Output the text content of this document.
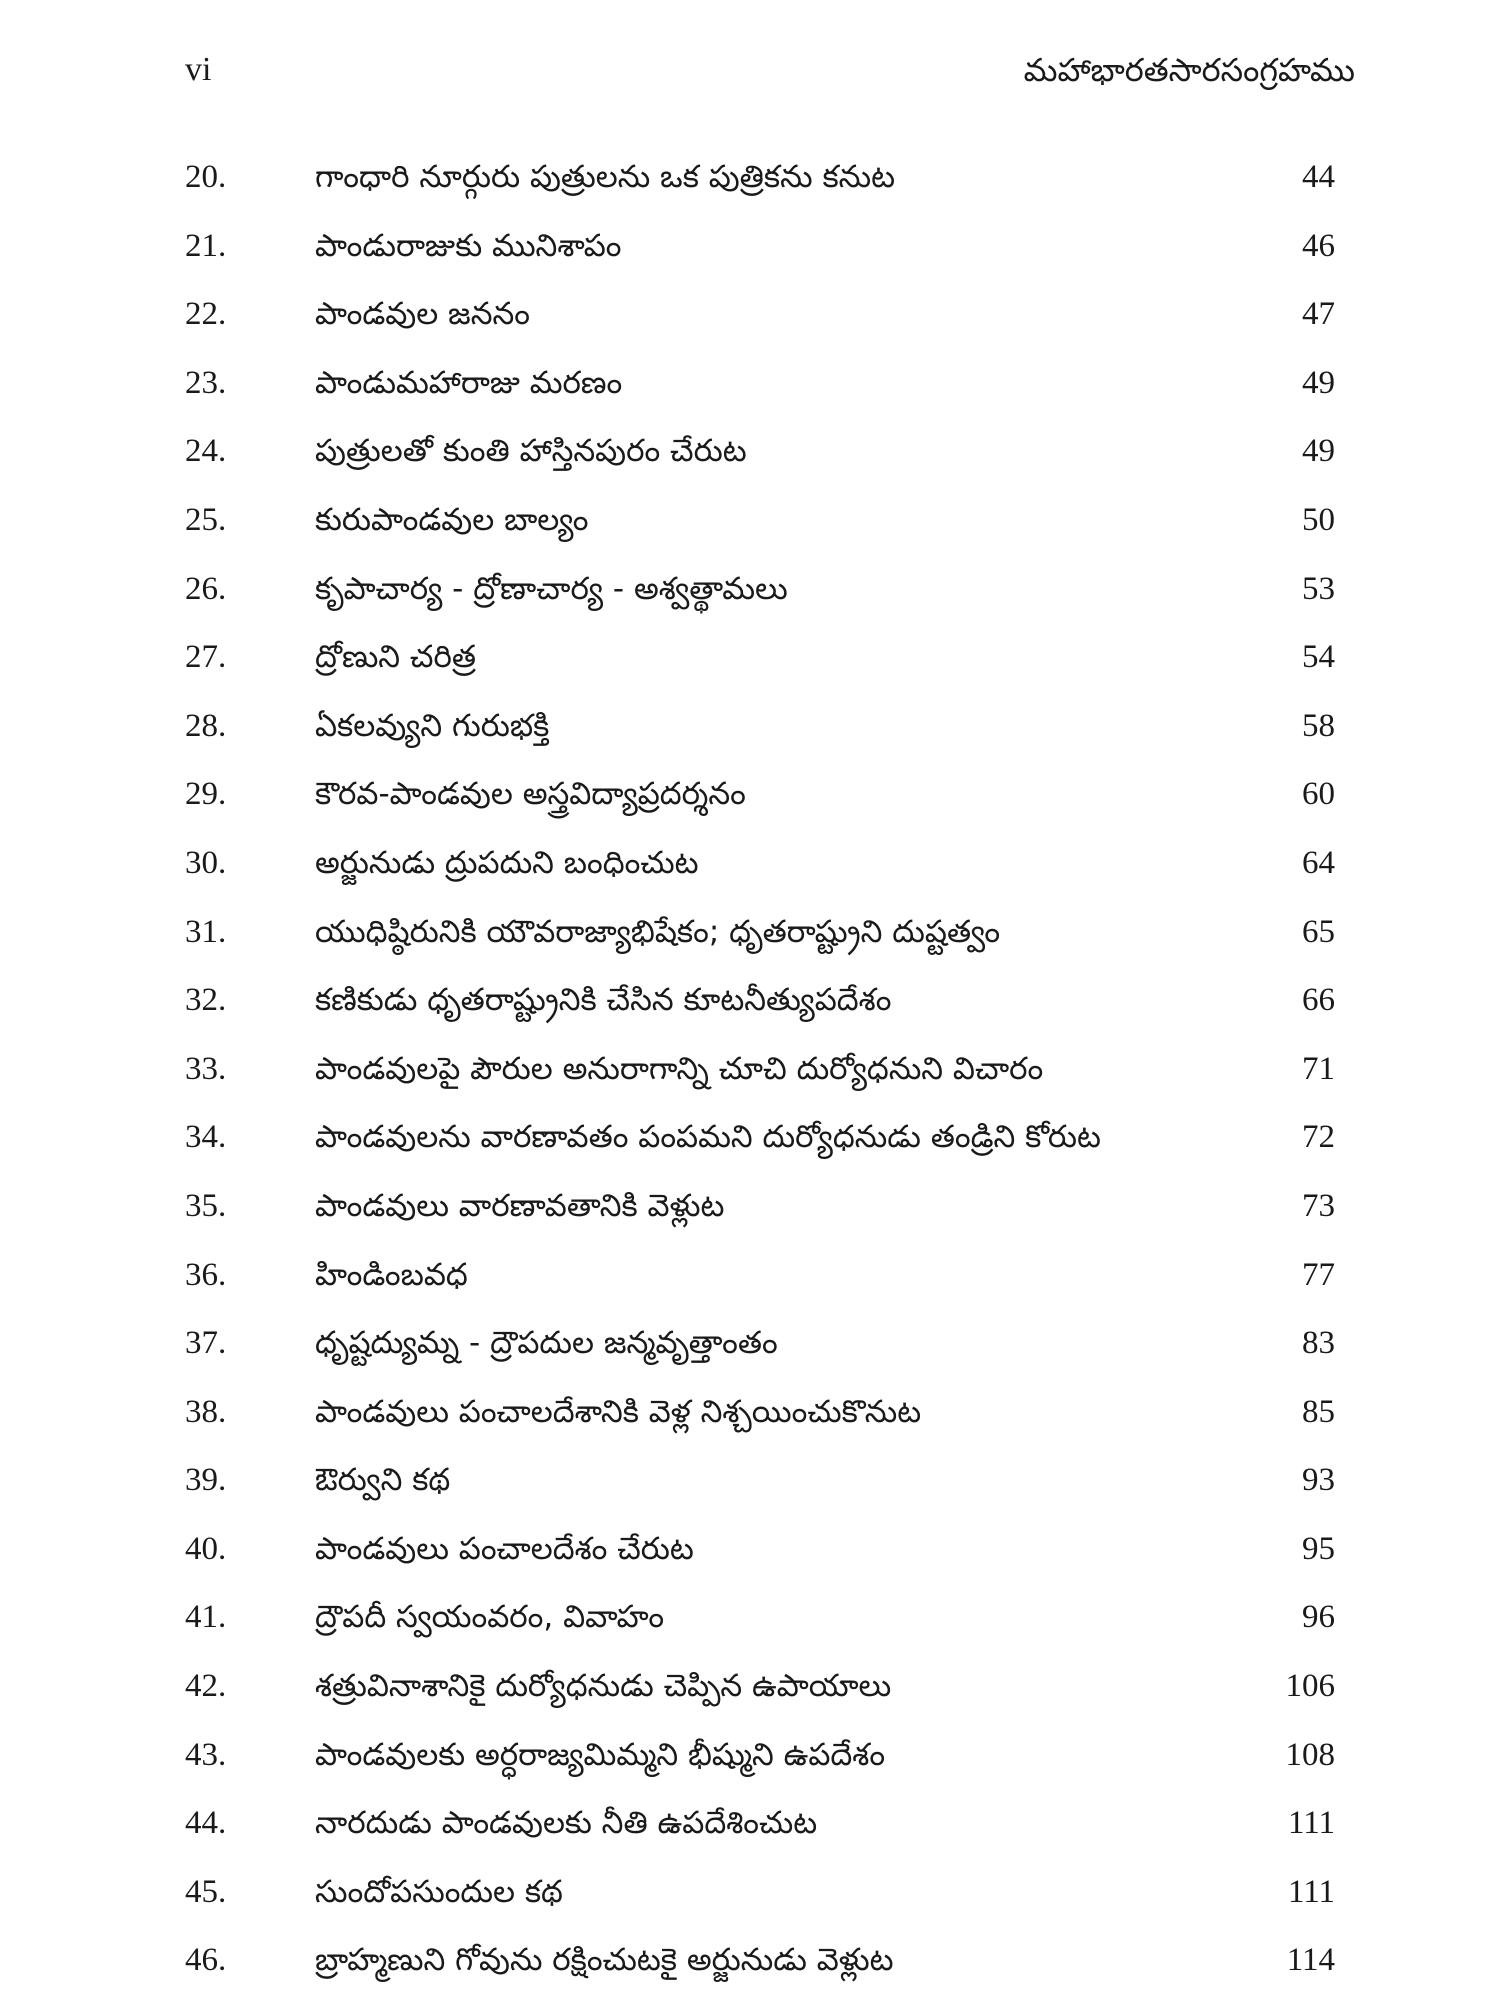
vi	మహాభారతసారసంగ్రహము
20.	గాంధారి నూర్గురు పుత్రులను ఒక పుత్రికను కనుట	44
21.	పాండురాజుకు మునిశాపం	46
22.	పాండవుల జననం	47
23.	పాండుమహారాజు మరణం	49
24.	పుత్రులతో కుంతి హాస్తినపురం చేరుట	49
25.	కురుపాండవుల బాల్యం	50
26.	కృపాచార్య - ద్రోణాచార్య - అశ్వత్థామలు	53
27.	ద్రోణుని చరిత్ర	54
28.	ఏకలవ్యుని గురుభక్తి	58
29.	కౌరవ-పాండవుల అస్త్రవిద్యాప్రదర్శనం	60
30.	అర్జునుడు ద్రుపదుని బంధించుట	64
31.	యుధిష్ఠిరునికి యౌవరాజ్యాభిషేకం; ధృతరాష్ట్రుని దుష్టత్వం	65
32.	కణికుడు ధృతరాష్ట్రునికి చేసిన కూటనీత్యుపదేశం	66
33.	పాండవులపై పౌరుల అనురాగాన్ని చూచి దుర్యోధనుని విచారం	71
34.	పాండవులను వారణావతం పంపమని దుర్యోధనుడు తండ్రిని కోరుట	72
35.	పాండవులు వారణావతానికి వెళ్లుట	73
36.	హిండింబవధ	77
37.	ధృష్టద్యుమ్న - ద్రౌపదుల జన్మవృత్తాంతం	83
38.	పాండవులు పంచాలదేశానికి వెళ్ల నిశ్చయించుకొనుట	85
39.	ఔర్వుని కథ	93
40.	పాండవులు పంచాలదేశం చేరుట	95
41.	ద్రౌపదీ స్వయంవరం, వివాహం	96
42.	శత్రువినాశానికై దుర్యోధనుడు చెప్పిన ఉపాయాలు	106
43.	పాండవులకు అర్ధరాజ్యమిమ్మని భీష్ముని ఉపదేశం	108
44.	నారదుడు పాండవులకు నీతి ఉపదేశించుట	111
45.	సుందోపసుందుల కథ	111
46.	బ్రాహ్మణుని గోవును రక్షించుటకై అర్జునుడు వెళ్లుట	114
